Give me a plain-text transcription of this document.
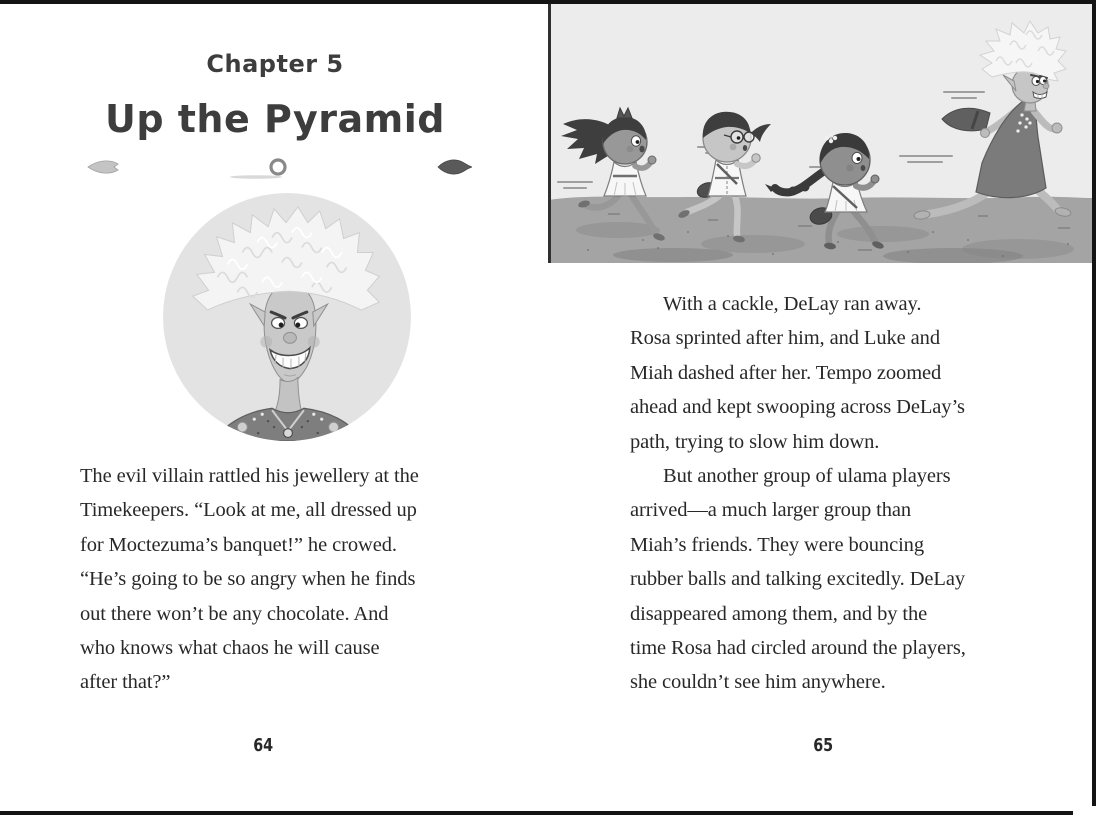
Chapter 5
Up the Pyramid
The evil villain rattled his jewellery at the
Timekeepers. “Look at me, all dressed up
for Moctezuma’s banquet!” he crowed.
“He’s going to be so angry when he finds
out there won’t be any chocolate. And
who knows what chaos he will cause
after that?”
64
With a cackle, DeLay ran away.
Rosa sprinted after him, and Luke and
Miah dashed after her. Tempo zoomed
ahead and kept swooping across DeLay’s
path, trying to slow him down.
But another group of ulama players
arrived—a much larger group than
Miah’s friends. They were bouncing
rubber balls and talking excitedly. DeLay
disappeared among them, and by the
time Rosa had circled around the players,
she couldn’t see him anywhere.
65
